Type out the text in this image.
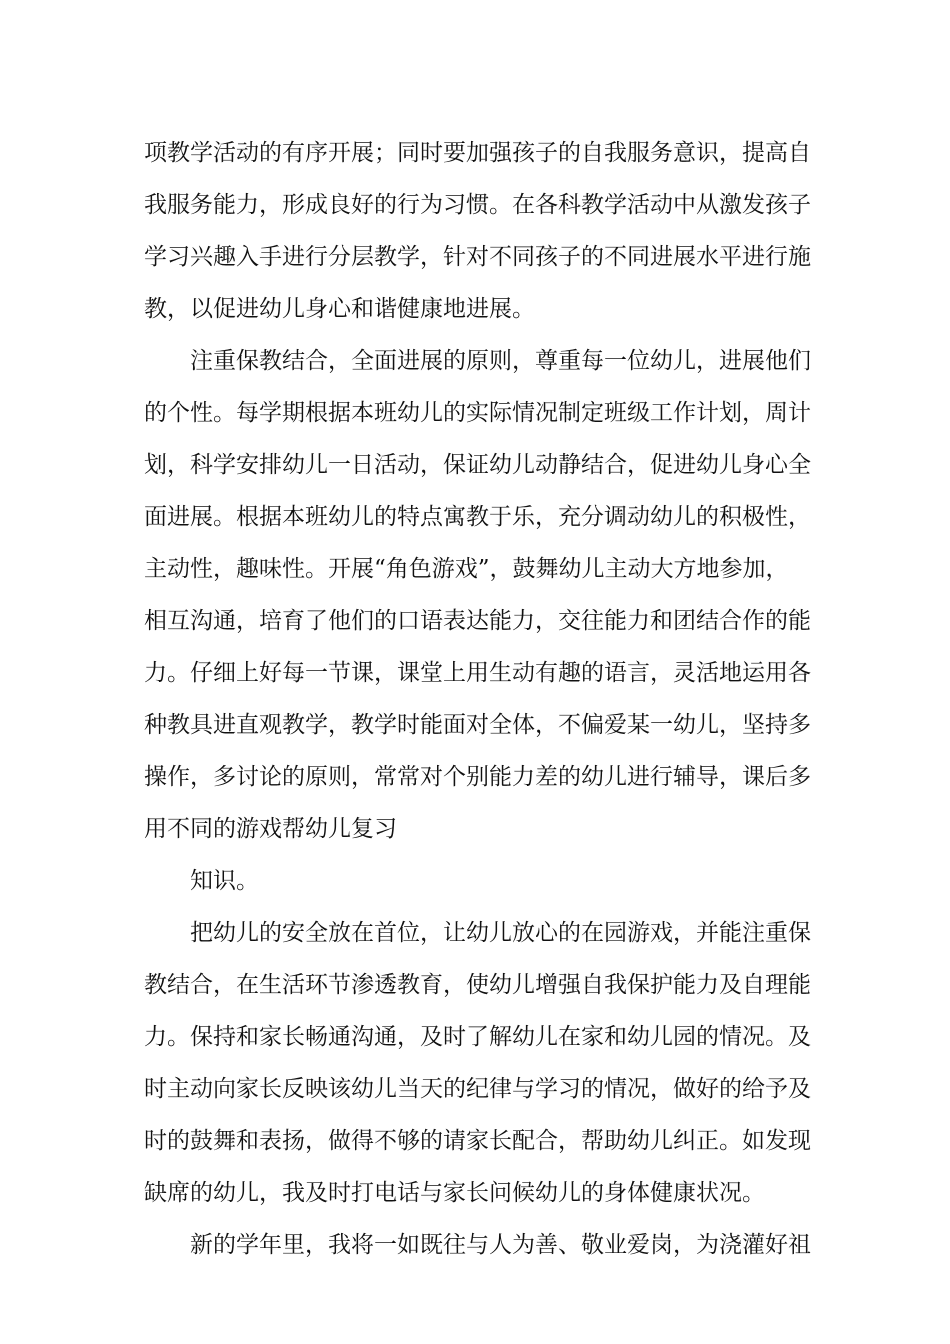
项教学活动的有序开展；同时要加强孩子的自我服务意识，提高自
我服务能力，形成良好的行为习惯。在各科教学活动中从激发孩子
学习兴趣入手进行分层教学，针对不同孩子的不同进展水平进行施
教，以促进幼儿身心和谐健康地进展。
注重保教结合，全面进展的原则，尊重每一位幼儿，进展他们
的个性。每学期根据本班幼儿的实际情况制定班级工作计划，周计
划，科学安排幼儿一日活动，保证幼儿动静结合，促进幼儿身心全
面进展。根据本班幼儿的特点寓教于乐，充分调动幼儿的积极性，
主动性，趣味性。开展“角色游戏”，鼓舞幼儿主动大方地参加，
相互沟通，培育了他们的口语表达能力，交往能力和团结合作的能
力。仔细上好每一节课，课堂上用生动有趣的语言，灵活地运用各
种教具进直观教学，教学时能面对全体，不偏爱某一幼儿，坚持多
操作，多讨论的原则，常常对个别能力差的幼儿进行辅导，课后多
用不同的游戏帮幼儿复习
知识。
把幼儿的安全放在首位，让幼儿放心的在园游戏，并能注重保
教结合，在生活环节渗透教育，使幼儿增强自我保护能力及自理能
力。保持和家长畅通沟通，及时了解幼儿在家和幼儿园的情况。及
时主动向家长反映该幼儿当天的纪律与学习的情况，做好的给予及
时的鼓舞和表扬，做得不够的请家长配合，帮助幼儿纠正。如发现
缺席的幼儿，我及时打电话与家长问候幼儿的身体健康状况。
新的学年里，我将一如既往与人为善、敬业爱岗，为浇灌好祖
